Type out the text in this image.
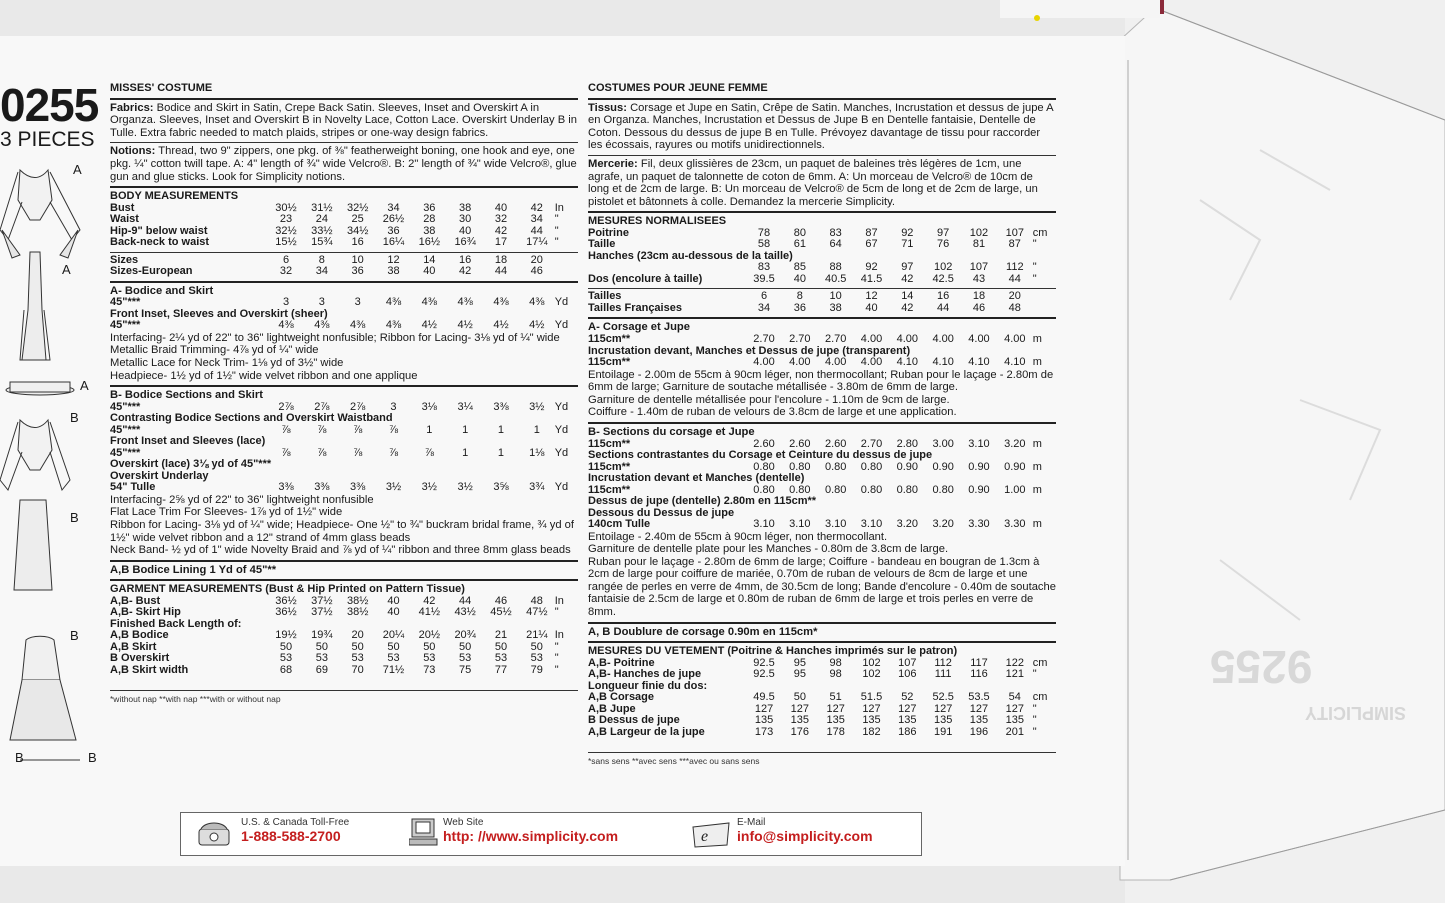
9255
SIMPLICITY
0255
3 PIECES
A
A
A
B
B
B
B	B
MISSES' COSTUME

Fabrics: Bodice and Skirt in Satin, Crepe Back Satin. Sleeves, Inset and Overskirt A in Organza. Sleeves, Inset and Overskirt B in Novelty Lace, Cotton Lace. Overskirt Underlay B in Tulle. Extra fabric needed to match plaids, stripes or one-way design fabrics.

Notions: Thread, two 9" zippers, one pkg. of ⅜" featherweight boning, one hook and eye, one pkg. ¼" cotton twill tape. A: 4" length of ¾" wide Velcro®. B: 2" length of ¾" wide Velcro®, glue gun and glue sticks. Look for Simplicity notions.

BODY MEASUREMENTS
Bust	30½	31½	32½	34	36	38	40	42	In
Waist	23	24	25	26½	28	30	32	34	"

Hip-9" below waist	32½	33½	34½	36	38	40	42	44	"
Back-neck to waist	15½	15¾	16	16¼	16½	16¾	17	17¼	"
Sizes	6	8	10	12	14	16	18	20	
Sizes-European	32	34	36	38	40	42	44	46	
A- Bodice and Skirt
45"***	3	3	3	4⅜	4⅜	4⅜	4⅜	4⅜	Yd
Front Inset, Sleeves and Overskirt (sheer)									
45"***	4⅜	4⅜	4⅜	4⅜	4½	4½	4½	4½	Yd
Interfacing- 2¼ yd of 22" to 36" lightweight nonfusible; Ribbon for Lacing- 3⅛ yd of ¼" wide
Metallic Braid Trimming- 4⅞ yd of ¼" wide
Metallic Lace for Neck Trim- 1⅛ yd of 3½" wide
Headpiece- 1½ yd of 1½" wide velvet ribbon and one applique
B- Bodice Sections and Skirt
45"***	2⅞	2⅞	2⅞	3	3⅛	3¼	3⅜	3½	Yd
Contrasting Bodice Sections and Overskirt Waistband									
45"***	⅞	⅞	⅞	⅞	1	1	1	1	Yd
Front Inset and Sleeves (lace)									
45"***	⅞	⅞	⅞	⅞	⅞	1	1	1⅛	Yd
Overskirt (lace) 3⅛ yd of 45"***									
Overskirt Underlay									
54" Tulle	3⅜	3⅜	3⅜	3½	3½	3½	3⅝	3¾	Yd
Interfacing- 2⅝ yd of 22" to 36" lightweight nonfusible
Flat Lace Trim For Sleeves- 1⅞ yd of 1½" wide
Ribbon for Lacing- 3⅛ yd of ¼" wide; Headpiece- One ½" to ¾" buckram bridal frame, ¾ yd of 1½" wide velvet ribbon and a 12" strand of 4mm glass beads
Neck Band- ½ yd of 1" wide Novelty Braid and ⅞ yd of ¼" ribbon and three 8mm glass beads
A,B Bodice Lining 1 Yd of 45"**
GARMENT MEASUREMENTS (Bust & Hip Printed on Pattern Tissue)
A,B- Bust	36½	37½	38½	40	42	44	46	48	In
A,B- Skirt Hip	36½	37½	38½	40	41½	43½	45½	47½	"
Finished Back Length of:									
A,B Bodice	19½	19¾	20	20¼	20½	20¾	21	21¼	In
A,B Skirt	50	50	50	50	50	50	50	50	"
B Overskirt	53	53	53	53	53	53	53	53	"
A,B Skirt width	68	69	70	71½	73	75	77	79	"
*without nap **with nap ***with or without nap
COSTUMES POUR JEUNE FEMME

Tissus: Corsage et Jupe en Satin, Crêpe de Satin. Manches, Incrustation et dessus de jupe A en Organza. Manches, Incrustation et Dessus de Jupe B en Dentelle fantaisie, Dentelle de Coton. Dessous du dessus de jupe B en Tulle. Prévoyez davantage de tissu pour raccorder les écossais, rayures ou motifs unidirectionnels.

Mercerie: Fil, deux glissières de 23cm, un paquet de baleines très légères de 1cm, une agrafe, un paquet de talonnette de coton de 6mm. A: Un morceau de Velcro® de 10cm de long et de 2cm de large. B: Un morceau de Velcro® de 5cm de long et de 2cm de large, un pistolet et bâtonnets à colle. Demandez la mercerie Simplicity.

MESURES NORMALISEES
Poitrine	78	80	83	87	92	97	102	107	cm
Taille	58	61	64	67	71	76	81	87	"
Hanches (23cm au-dessous de la taille)									
	83	85	88	92	97	102	107	112	"
Dos (encolure à taille)	39.5	40	40.5	41.5	42	42.5	43	44	"
Tailles	6	8	10	12	14	16	18	20	
Tailles Françaises	34	36	38	40	42	44	46	48	
A- Corsage et Jupe
115cm**	2.70	2.70	2.70	4.00	4.00	4.00	4.00	4.00	m
Incrustation devant, Manches et Dessus de jupe (transparent)									
115cm**	4.00	4.00	4.00	4.00	4.10	4.10	4.10	4.10	m
Entoilage - 2.00m de 55cm à 90cm léger, non thermocollant; Ruban pour le laçage - 2.80m de 6mm de large; Garniture de soutache métallisée - 3.80m de 6mm de large.
Garniture de dentelle métallisée pour l'encolure - 1.10m de 9cm de large.
Coiffure - 1.40m de ruban de velours de 3.8cm de large et une application.
B- Sections du corsage et Jupe
115cm**	2.60	2.60	2.60	2.70	2.80	3.00	3.10	3.20	m
Sections contrastantes du Corsage et Ceinture du dessus de jupe									
115cm**	0.80	0.80	0.80	0.80	0.90	0.90	0.90	0.90	m
Incrustation devant et Manches (dentelle)									
115cm**	0.80	0.80	0.80	0.80	0.80	0.80	0.90	1.00	m
Dessus de jupe (dentelle) 2.80m en 115cm**									
Dessous du Dessus de jupe									
140cm Tulle	3.10	3.10	3.10	3.10	3.20	3.20	3.30	3.30	m
Entoilage - 2.40m de 55cm à 90cm léger, non thermocollant.
Garniture de dentelle plate pour les Manches - 0.80m de 3.8cm de large.
Ruban pour le laçage - 2.80m de 6mm de large; Coiffure - bandeau en bougran de 1.3cm à 2cm de large pour coiffure de mariée, 0.70m de ruban de velours de 8cm de large et une rangée de perles en verre de 4mm, de 30.5cm de long; Bande d'encolure - 0.40m de soutache fantaisie de 2.5cm de large et 0.80m de ruban de 6mm de large et trois perles en verre de 8mm.
A, B Doublure de corsage 0.90m en 115cm*
MESURES DU VETEMENT (Poitrine & Hanches imprimés sur le patron)
A,B- Poitrine	92.5	95	98	102	107	112	117	122	cm
A,B- Hanches de jupe	92.5	95	98	102	106	111	116	121	"
Longueur finie du dos:									
A,B Corsage	49.5	50	51	51.5	52	52.5	53.5	54	cm
A,B Jupe	127	127	127	127	127	127	127	127	"
B Dessus de jupe	135	135	135	135	135	135	135	135	"
A,B Largeur de la jupe	173	176	178	182	186	191	196	201	"
*sans sens **avec sens ***avec ou sans sens
U.S. & Canada Toll-Free
1-888-588-2700
Web Site
http: //www.simplicity.com	e
E-Mail
info@simplicity.com
